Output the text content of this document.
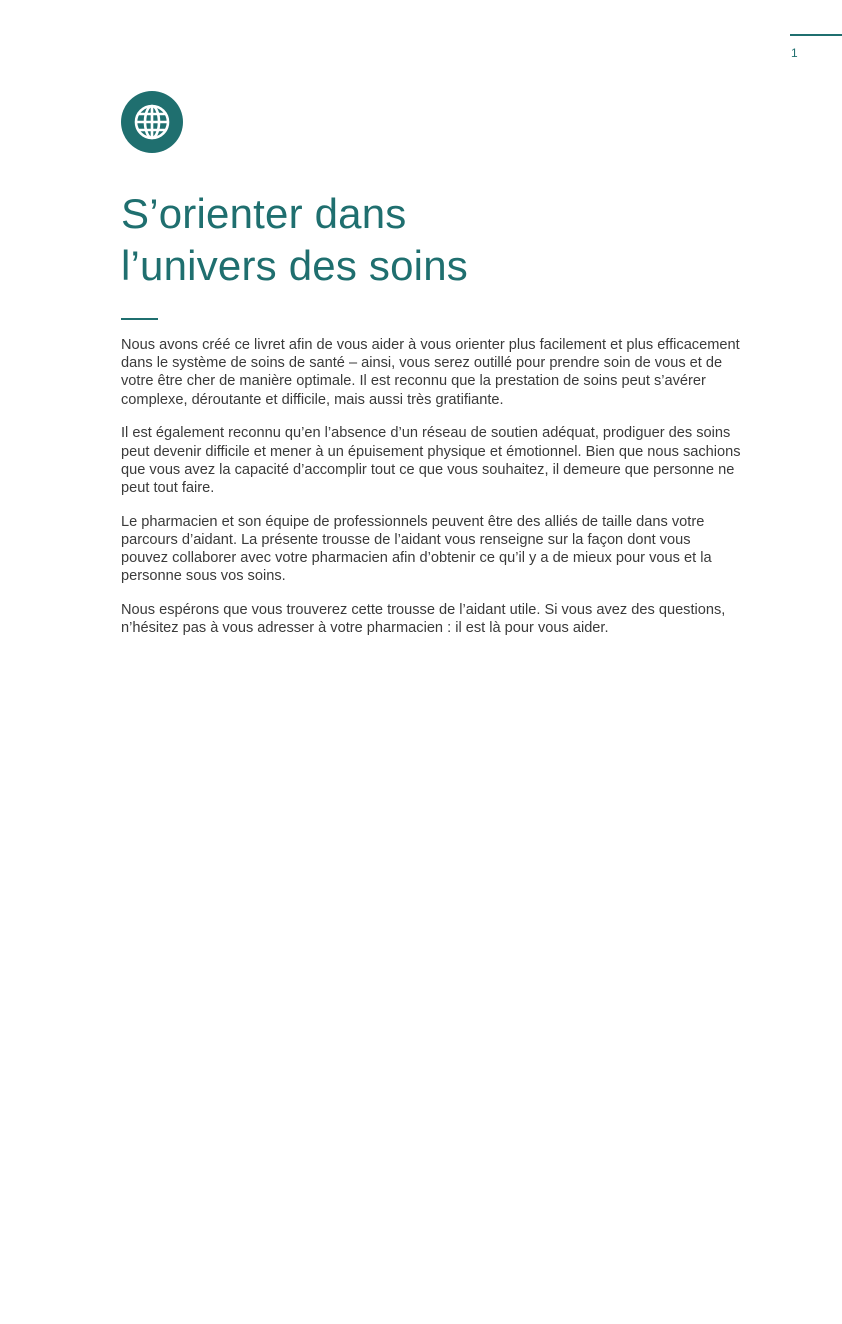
1
S’orienter dans
l’univers des soins

Nous avons créé ce livret afin de vous aider à vous orienter plus facilement et plus efficacement dans le système de soins de santé – ainsi, vous serez outillé pour prendre soin de vous et de votre être cher de manière optimale. Il est reconnu que la prestation de soins peut s’avérer complexe, déroutante et difficile, mais aussi très gratifiante.

Il est également reconnu qu’en l’absence d’un réseau de soutien adéquat, prodiguer des soins peut devenir difficile et mener à un épuisement physique et émotionnel. Bien que nous sachions que vous avez la capacité d’accomplir tout ce que vous souhaitez, il demeure que personne ne peut tout faire.

Le pharmacien et son équipe de professionnels peuvent être des alliés de taille dans votre parcours d’aidant. La présente trousse de l’aidant vous renseigne sur la façon dont vous pouvez collaborer avec votre pharmacien afin d’obtenir ce qu’il y a de mieux pour vous et la personne sous vos soins.

Nous espérons que vous trouverez cette trousse de l’aidant utile. Si vous avez des questions, n’hésitez pas à vous adresser à votre pharmacien : il est là pour vous aider.
